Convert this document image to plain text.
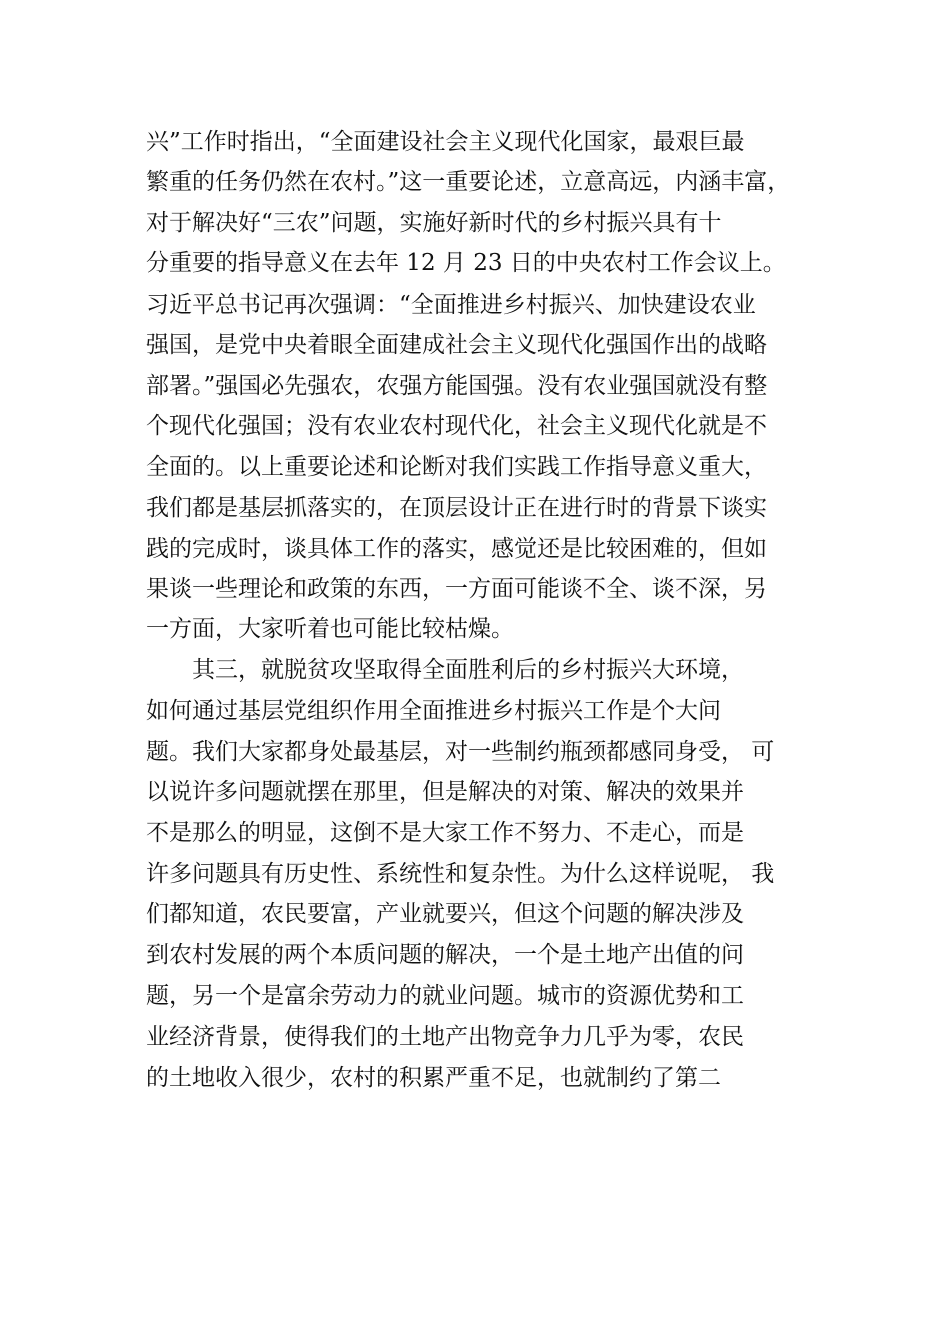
兴”工作时指出，“全面建设社会主义现代化国家，最艰巨最
繁重的任务仍然在农村。”这一重要论述，立意高远，内涵丰富，
对于解决好“三农”问题，实施好新时代的乡村振兴具有十
分重要的指导意义在去年 12 月 23 日的中央农村工作会议上。
习近平总书记再次强调：“全面推进乡村振兴、加快建设农业
强国，是党中央着眼全面建成社会主义现代化强国作出的战略
部署。”强国必先强农，农强方能国强。没有农业强国就没有整
个现代化强国；没有农业农村现代化，社会主义现代化就是不
全面的。以上重要论述和论断对我们实践工作指导意义重大，
我们都是基层抓落实的，在顶层设计正在进行时的背景下谈实
践的完成时，谈具体工作的落实，感觉还是比较困难的，但如
果谈一些理论和政策的东西，一方面可能谈不全、谈不深，另
一方面，大家听着也可能比较枯燥。
其三，就脱贫攻坚取得全面胜利后的乡村振兴大环境，
如何通过基层党组织作用全面推进乡村振兴工作是个大问
题。我们大家都身处最基层，对一些制约瓶颈都感同身受， 可
以说许多问题就摆在那里，但是解决的对策、解决的效果并
不是那么的明显，这倒不是大家工作不努力、不走心，而是
许多问题具有历史性、系统性和复杂性。为什么这样说呢， 我
们都知道，农民要富，产业就要兴，但这个问题的解决涉及
到农村发展的两个本质问题的解决，一个是土地产出值的问
题，另一个是富余劳动力的就业问题。城市的资源优势和工
业经济背景，使得我们的土地产出物竞争力几乎为零，农民
的土地收入很少，农村的积累严重不足，也就制约了第二
